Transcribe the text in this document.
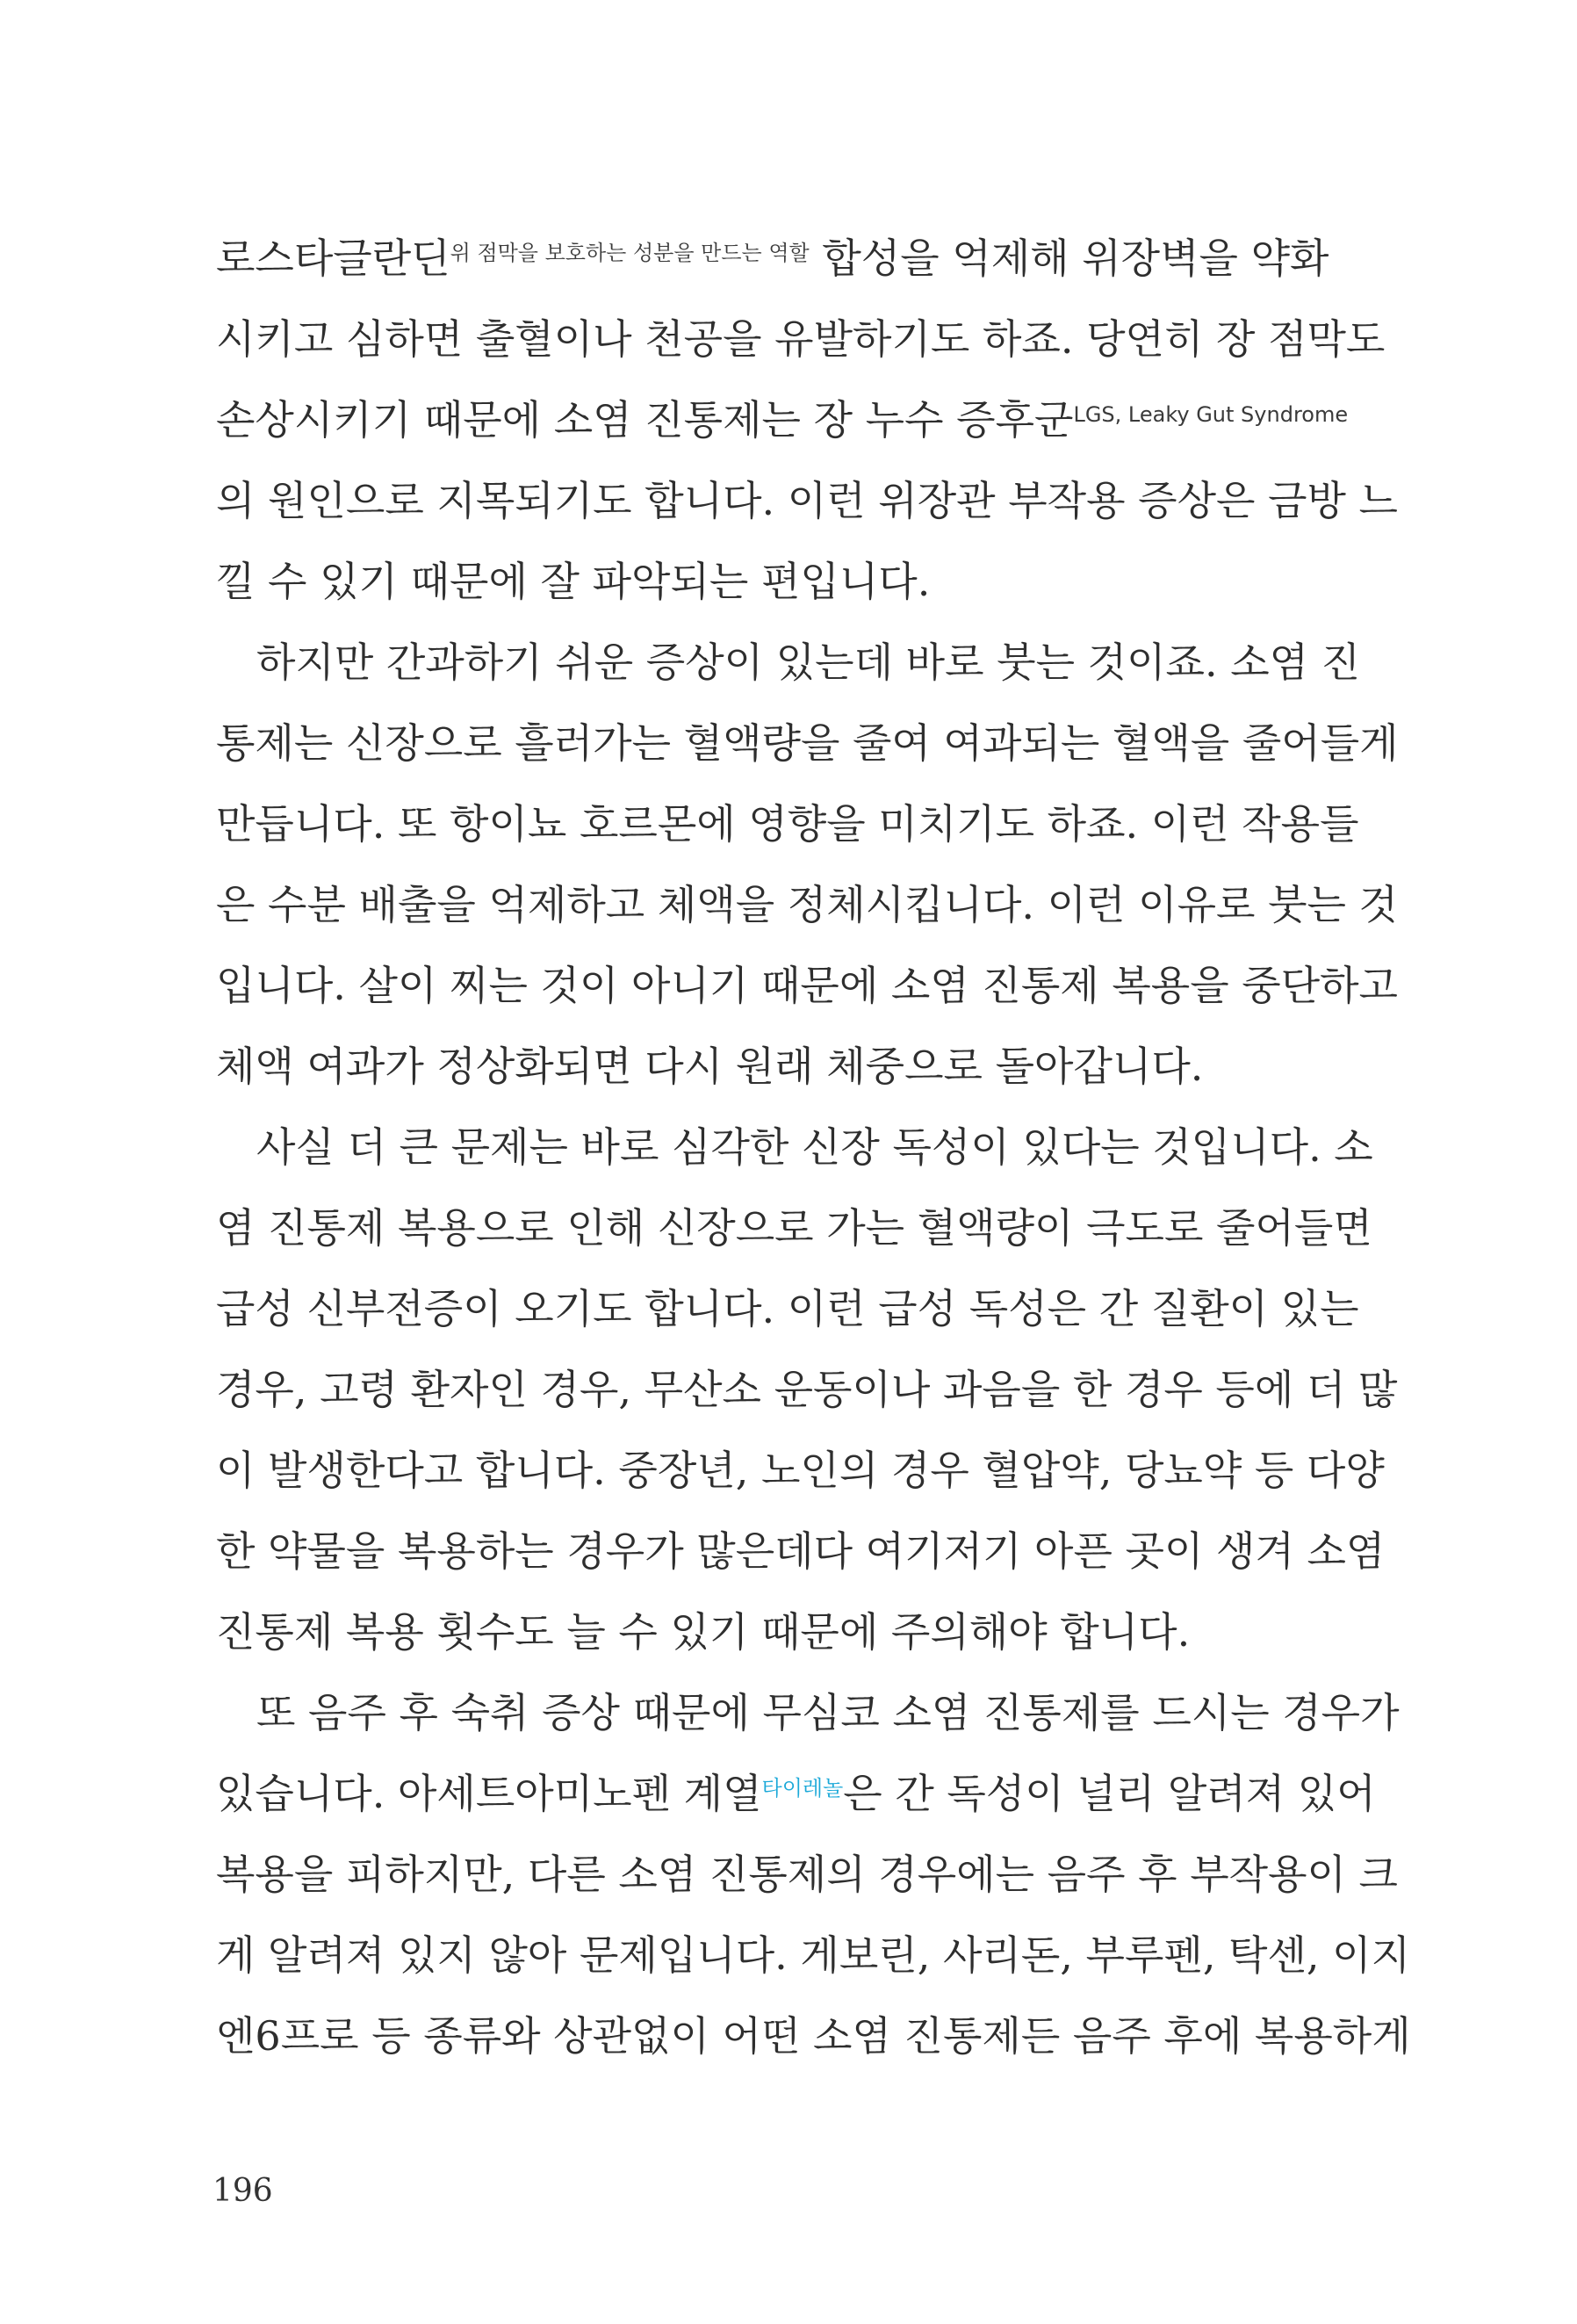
로스타글란딘$^{위 점막을 보호하는 성분을 만드는 역할}$ 합성을 억제해 위장벽을 약화
시키고 심하면 출혈이나 천공을 유발하기도 하죠. 당연히 장 점막도
손상시키기 때문에 소염 진통제는 장 누수 증후군$^{LGS, Leaky Gut Syndrome}$
의 원인으로 지목되기도 합니다. 이런 위장관 부작용 증상은 금방 느
낄 수 있기 때문에 잘 파악되는 편입니다.
하지만 간과하기 쉬운 증상이 있는데 바로 붓는 것이죠. 소염 진
통제는 신장으로 흘러가는 혈액량을 줄여 여과되는 혈액을 줄어들게
만듭니다. 또 항이뇨 호르몬에 영향을 미치기도 하죠. 이런 작용들
은 수분 배출을 억제하고 체액을 정체시킵니다. 이런 이유로 붓는 것
입니다. 살이 찌는 것이 아니기 때문에 소염 진통제 복용을 중단하고
체액 여과가 정상화되면 다시 원래 체중으로 돌아갑니다.
사실 더 큰 문제는 바로 심각한 신장 독성이 있다는 것입니다. 소
염 진통제 복용으로 인해 신장으로 가는 혈액량이 극도로 줄어들면
급성 신부전증이 오기도 합니다. 이런 급성 독성은 간 질환이 있는
경우, 고령 환자인 경우, 무산소 운동이나 과음을 한 경우 등에 더 많
이 발생한다고 합니다. 중장년, 노인의 경우 혈압약, 당뇨약 등 다양
한 약물을 복용하는 경우가 많은데다 여기저기 아픈 곳이 생겨 소염
진통제 복용 횟수도 늘 수 있기 때문에 주의해야 합니다.
또 음주 후 숙취 증상 때문에 무심코 소염 진통제를 드시는 경우가
있습니다. 아세트아미노펜 계열$^{타이레놀}$은 간 독성이 널리 알려져 있어
복용을 피하지만, 다른 소염 진통제의 경우에는 음주 후 부작용이 크
게 알려져 있지 않아 문제입니다. 게보린, 사리돈, 부루펜, 탁센, 이지
엔6프로 등 종류와 상관없이 어떤 소염 진통제든 음주 후에 복용하게
196
